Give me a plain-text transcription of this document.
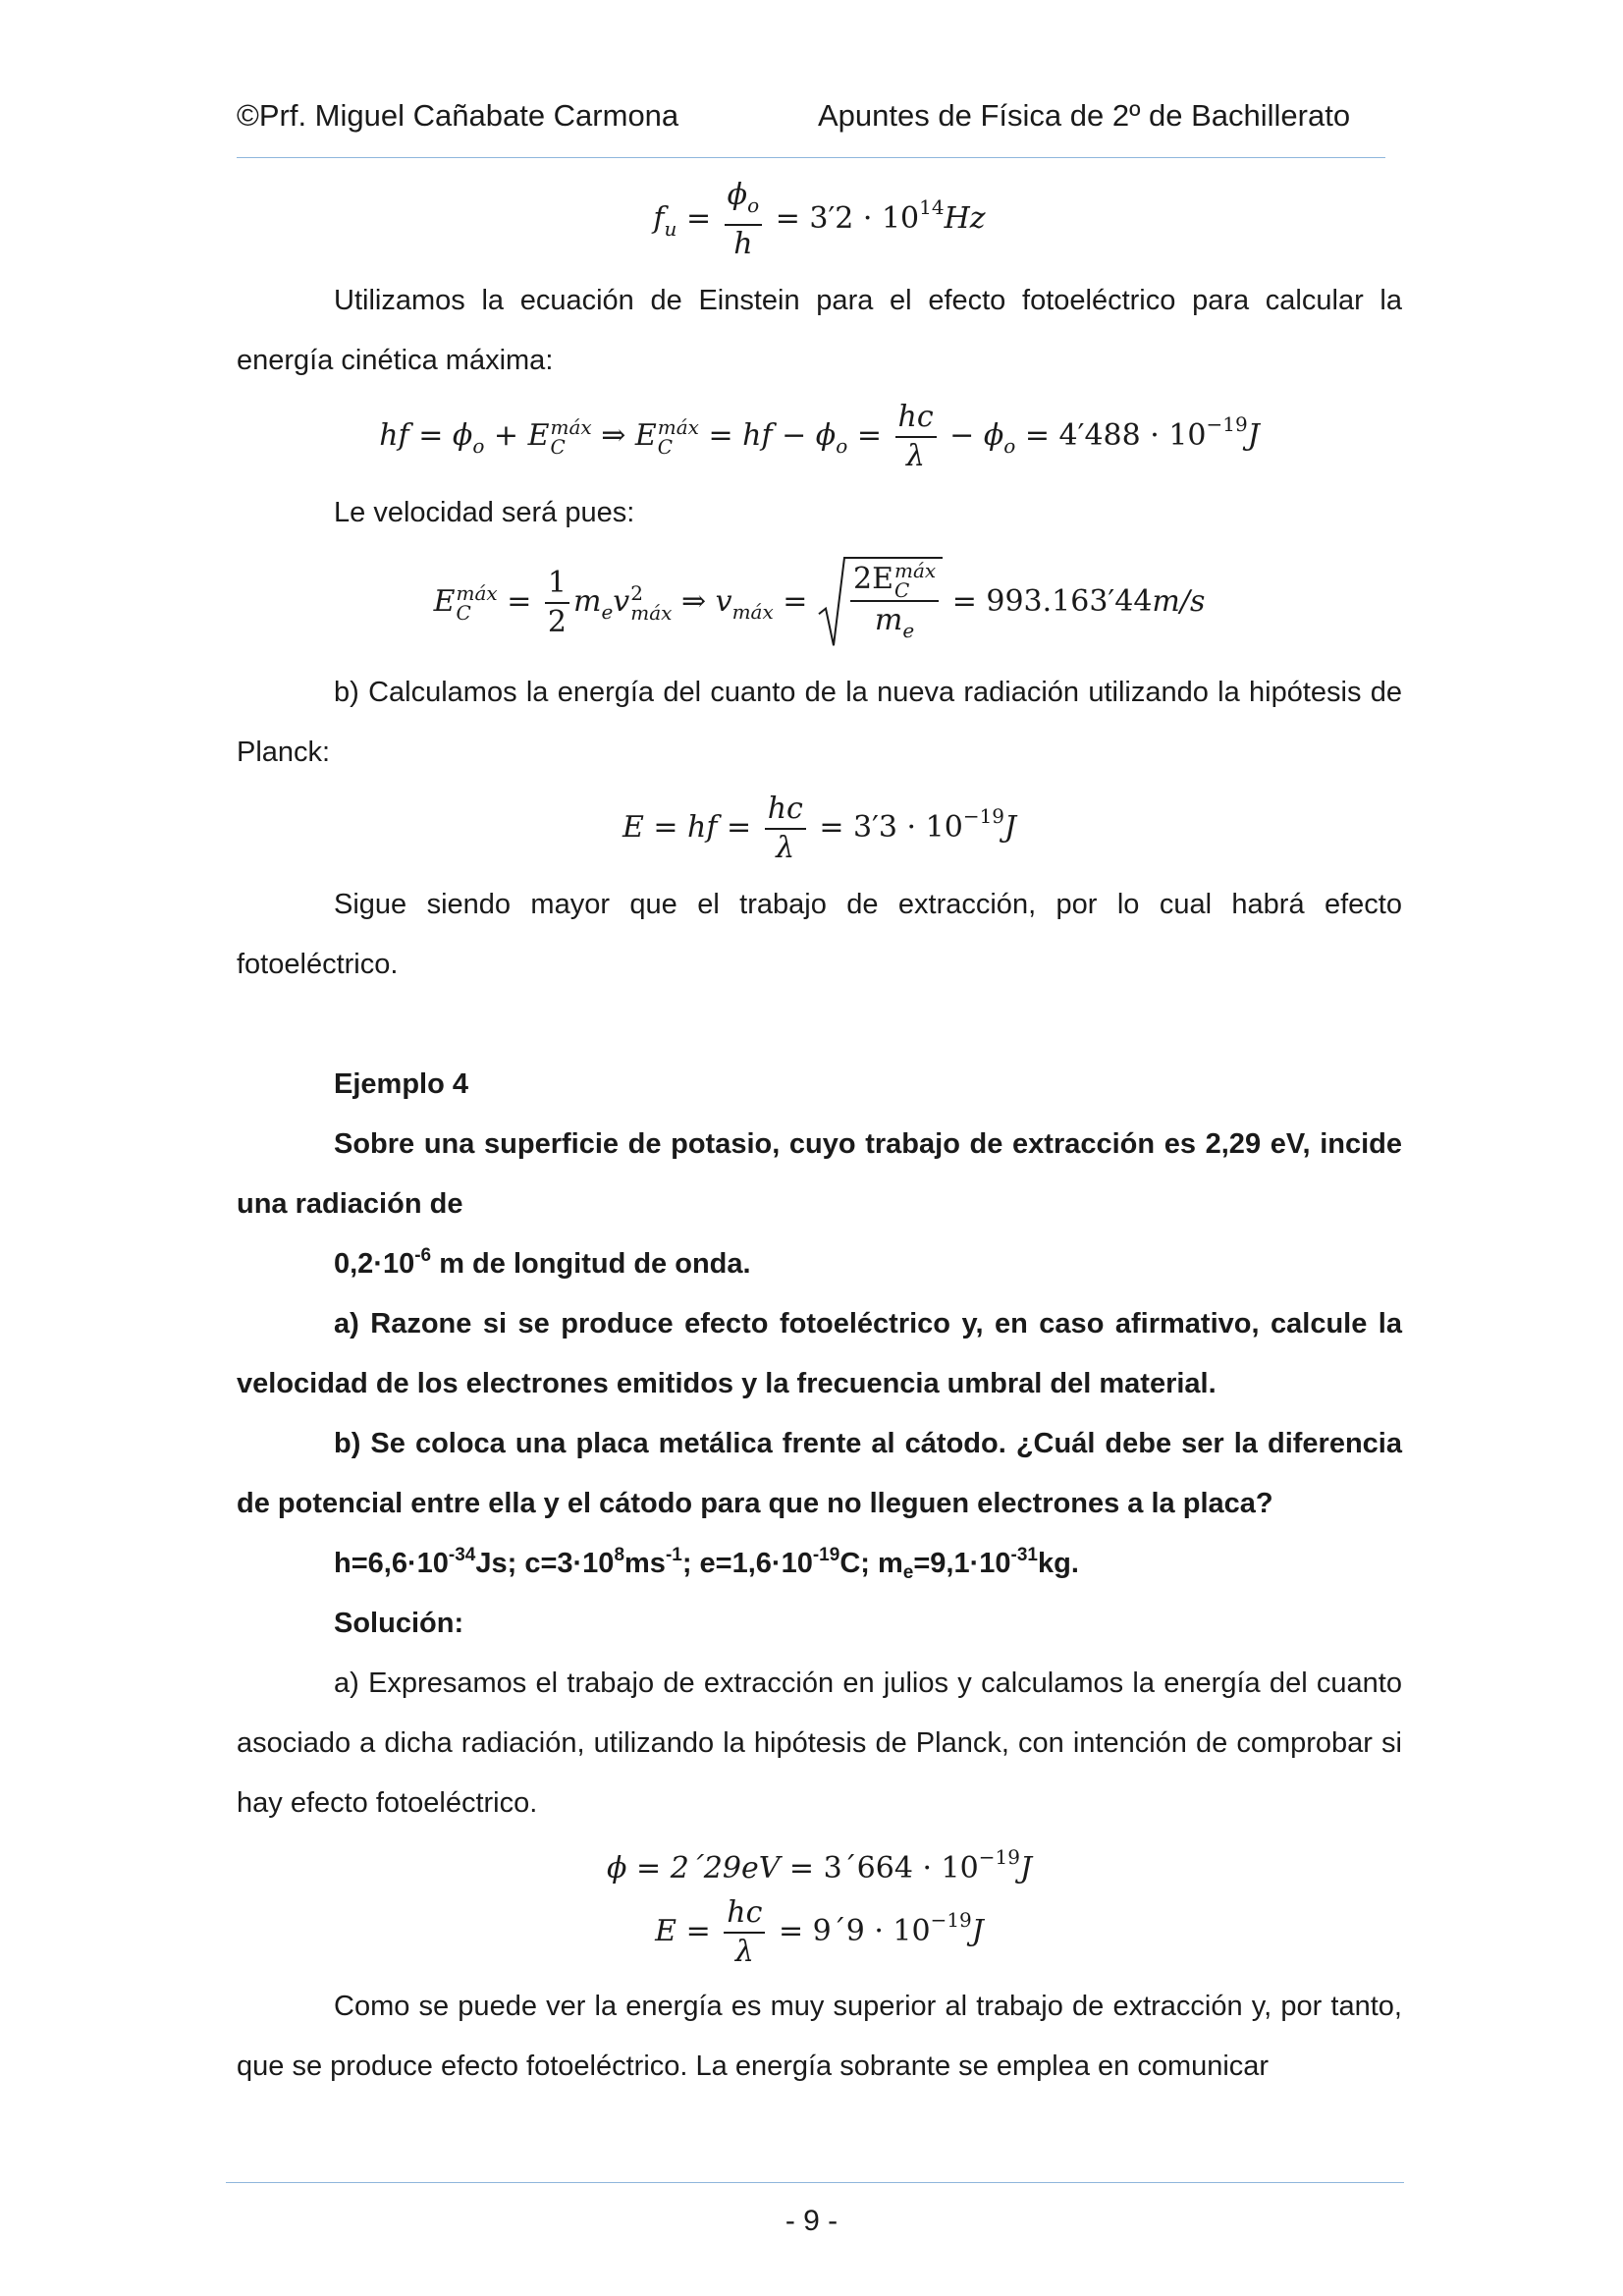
©Prf. Miguel Cañabate Carmona	Apuntes de Física de 2º de Bachillerato
$f_u = \frac{\phi_o}{h} = 3'2 \cdot 10^{14}Hz$

Utilizamos la ecuación de Einstein para el efecto fotoeléctrico para calcular la energía cinética máxima:

hf = $\phi_o + E$ máx
C ⇒ E máx
C = hf − $\phi_o = \frac{hc}{\lambda} - \phi_o = 4'488 \cdot 10^{-19}J$

Le velocidad será pues:

E máx
$C = \frac{1}{2} m_ev$ 2
máx ⇒ $v_{máx}$ =
2E máx
C
$m_e$
= 993.163′44m/s

b) Calculamos la energía del cuanto de la nueva radiación utilizando la hipótesis de Planck:

E = hf = $\frac{hc}{\lambda} = 3'3 \cdot 10^{-19}J$

Sigue siendo mayor que el trabajo de extracción, por lo cual habrá efecto fotoeléctrico.

Ejemplo 4

Sobre una superficie de potasio, cuyo trabajo de extracción es 2,29 eV, incide una radiación de

$0,2\cdot 10^{-6}$ m de longitud de onda.

a) Razone si se produce efecto fotoeléctrico y, en caso afirmativo, calcule la velocidad de los electrones emitidos y la frecuencia umbral del material.

b) Se coloca una placa metálica frente al cátodo. ¿Cuál debe ser la diferencia de potencial entre ella y el cátodo para que no lleguen electrones a la placa?

$h=6,6\cdot 10^{-34}Js$; $c=3\cdot 10^8ms^{-1}$; $e=1,6\cdot 10^{-19}C$; $m_e=9,1\cdot 10^{-31}kg$.

Solución:

a) Expresamos el trabajo de extracción en julios y calculamos la energía del cuanto asociado a dicha radiación, utilizando la hipótesis de Planck, con intención de comprobar si hay efecto fotoeléctrico.

ϕ = 2´29eV = 3´664 · $10^{-19}J$
$E = \frac{hc}{\lambda}$ = 9´9 · $10^{-19}J$

Como se puede ver la energía es muy superior al trabajo de extracción y, por tanto, que se produce efecto fotoeléctrico. La energía sobrante se emplea en comunicar

- 9 -
